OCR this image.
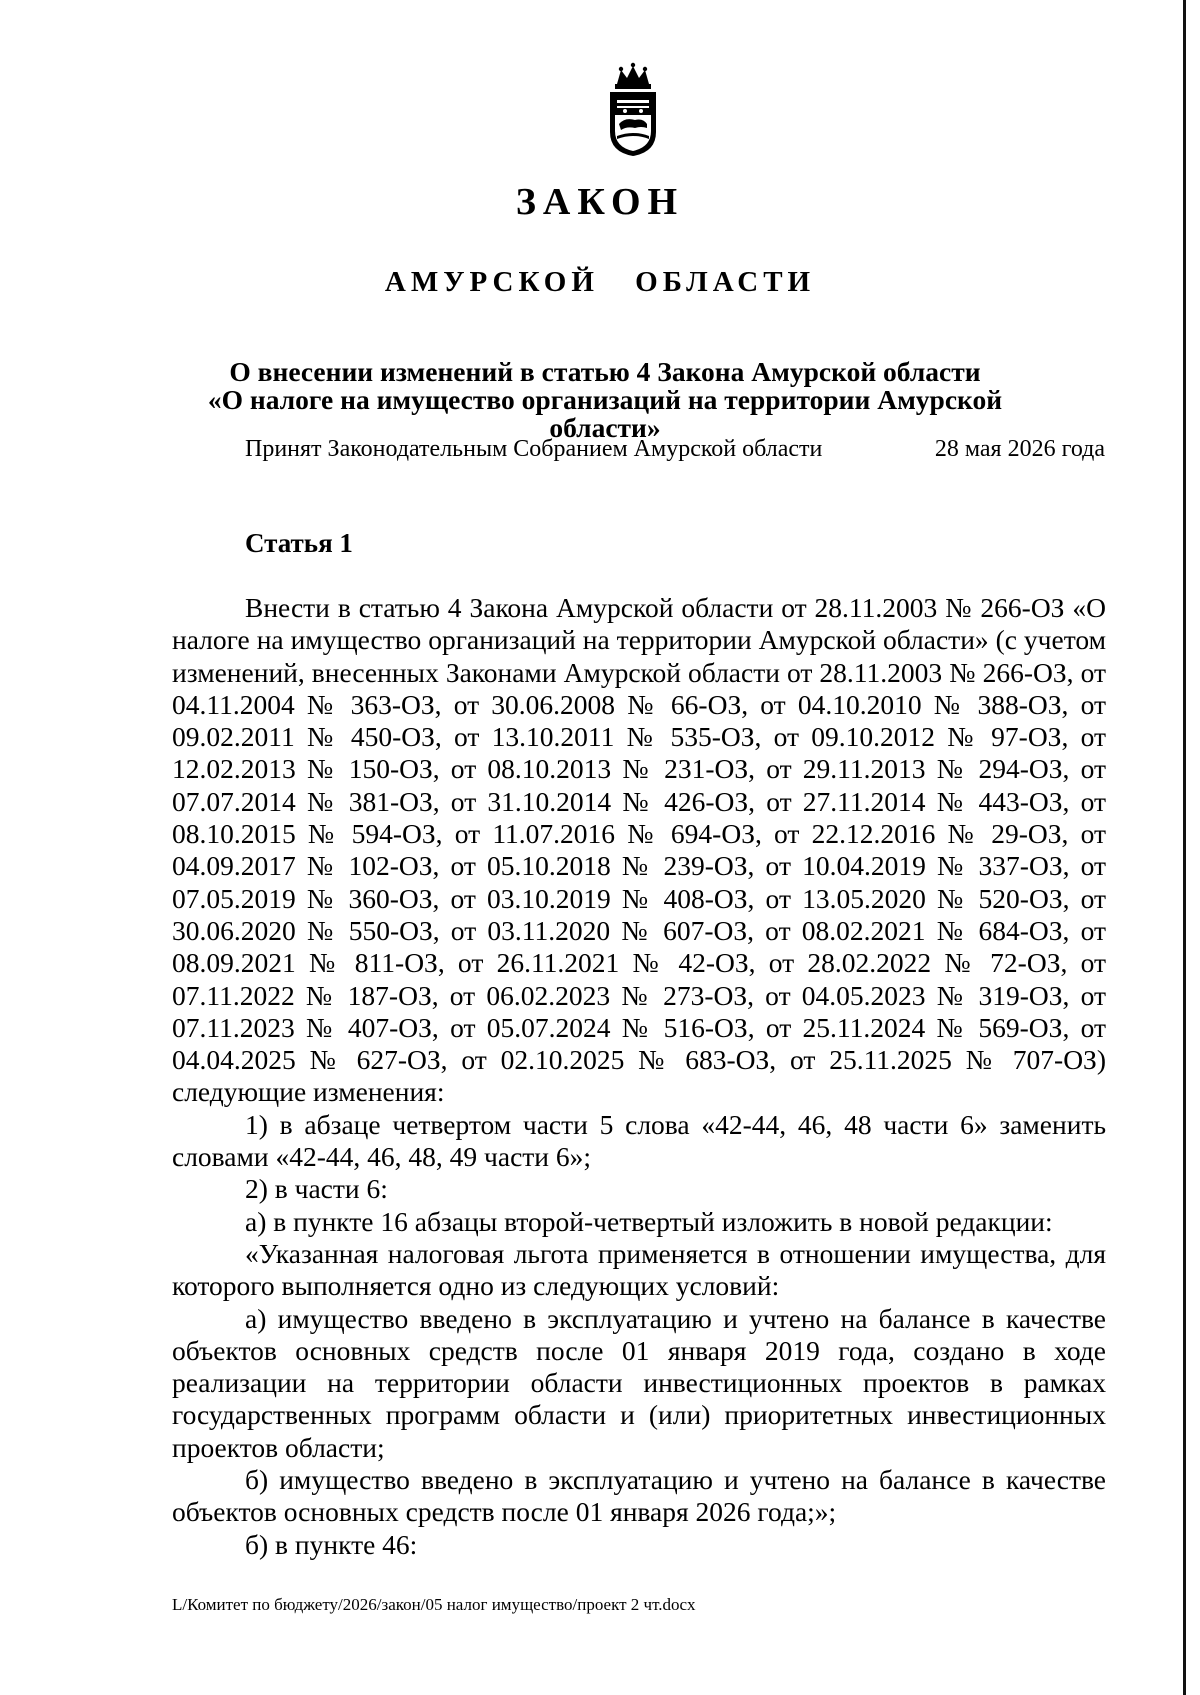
ЗАКОН
АМУРСКОЙ ОБЛАСТИ
О внесении изменений в статью 4 Закона Амурской области
«О налоге на имущество организаций на территории Амурской области»
Принят Законодательным Собранием Амурской области	28 мая 2026 года
Статья 1

Внести в статью 4 Закона Амурской области от 28.11.2003 № 266-ОЗ «О налоге на имущество организаций на территории Амурской области» (с учетом изменений, внесенных Законами Амурской области от 28.11.2003 № 266-ОЗ, от 04.11.2004 № 363-ОЗ, от 30.06.2008 № 66-ОЗ, от 04.10.2010 № 388-ОЗ, от 09.02.2011 № 450-ОЗ, от 13.10.2011 № 535-ОЗ, от 09.10.2012 № 97-ОЗ, от 12.02.2013 № 150-ОЗ, от 08.10.2013 № 231-ОЗ, от 29.11.2013 № 294-ОЗ, от 07.07.2014 № 381-ОЗ, от 31.10.2014 № 426-ОЗ, от 27.11.2014 № 443-ОЗ, от 08.10.2015 № 594-ОЗ, от 11.07.2016 № 694-ОЗ, от 22.12.2016 № 29-ОЗ, от 04.09.2017 № 102-ОЗ, от 05.10.2018 № 239-ОЗ, от 10.04.2019 № 337-ОЗ, от 07.05.2019 № 360-ОЗ, от 03.10.2019 № 408-ОЗ, от 13.05.2020 № 520-ОЗ, от 30.06.2020 № 550-ОЗ, от 03.11.2020 № 607-ОЗ, от 08.02.2021 № 684-ОЗ, от 08.09.2021 № 811-ОЗ, от 26.11.2021 № 42-ОЗ, от 28.02.2022 № 72-ОЗ, от 07.11.2022 № 187-ОЗ, от 06.02.2023 № 273-ОЗ, от 04.05.2023 № 319-ОЗ, от 07.11.2023 № 407-ОЗ, от 05.07.2024 № 516-ОЗ, от 25.11.2024 № 569-ОЗ, от 04.04.2025 № 627-ОЗ, от 02.10.2025 № 683-ОЗ, от 25.11.2025 № 707-ОЗ) следующие изменения:

1) в абзаце четвертом части 5 слова «42-44, 46, 48 части 6» заменить словами «42-44, 46, 48, 49 части 6»;

2) в части 6:

а) в пункте 16 абзацы второй-четвертый изложить в новой редакции:

«Указанная налоговая льгота применяется в отношении имущества, для которого выполняется одно из следующих условий:

а) имущество введено в эксплуатацию и учтено на балансе в качестве объектов основных средств после 01 января 2019 года, создано в ходе реализации на территории области инвестиционных проектов в рамках государственных программ области и (или) приоритетных инвестиционных проектов области;

б) имущество введено в эксплуатацию и учтено на балансе в качестве объектов основных средств после 01 января 2026 года;»;

б) в пункте 46:

L/Комитет по бюджету/2026/закон/05 налог имущество/проект 2 чт.docx
